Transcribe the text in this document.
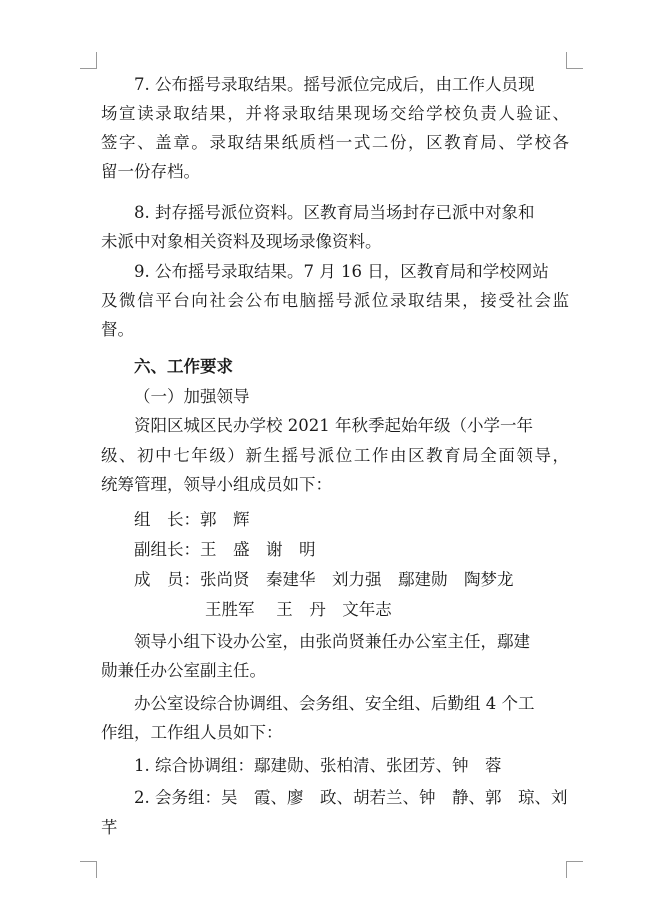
7. 公布摇号录取结果。摇号派位完成后，由工作人员现
场宣读录取结果，并将录取结果现场交给学校负责人验证、
签字、盖章。录取结果纸质档一式二份，区教育局、学校各
留一份存档。
8. 封存摇号派位资料。区教育局当场封存已派中对象和
未派中对象相关资料及现场录像资料。
9. 公布摇号录取结果。7 月 16 日，区教育局和学校网站
及微信平台向社会公布电脑摇号派位录取结果，接受社会监
督。
六、工作要求
（一）加强领导
资阳区城区民办学校 2021 年秋季起始年级（小学一年
级、初中七年级）新生摇号派位工作由区教育局全面领导，
统筹管理，领导小组成员如下：
组　长：郭　辉
副组长：王　盛　谢　明
成　员：张尚贤　秦建华　刘力强　鄢建勋　陶梦龙
王胜军　 王　丹　文年志
领导小组下设办公室，由张尚贤兼任办公室主任，鄢建
勋兼任办公室副主任。
办公室设综合协调组、会务组、安全组、后勤组 4 个工
作组，工作组人员如下：
1. 综合协调组：鄢建勋、张柏清、张团芳、钟　蓉
2. 会务组：吴　霞、廖　政、胡若兰、钟　静、郭　琼、刘
芊
